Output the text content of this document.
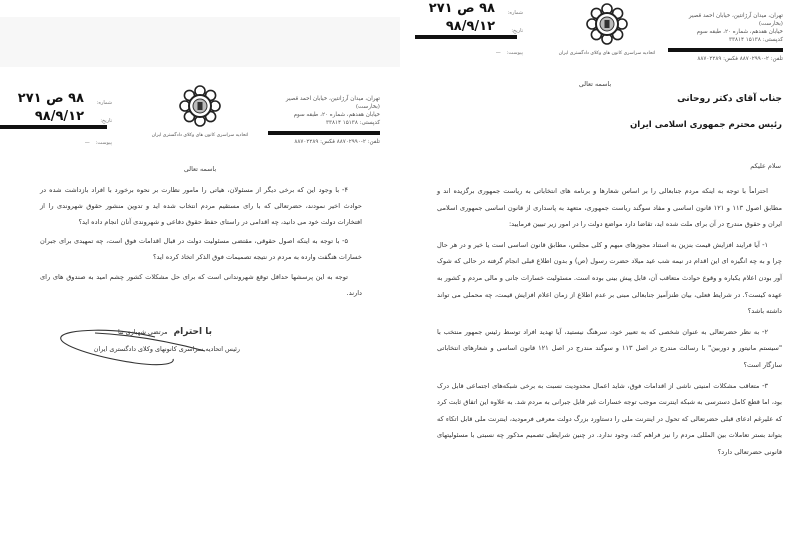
تهران، میدان آرژانتین، خیابان احمد قصیر (بخارست)
خیابان هفدهم، شماره ۲۰، طبقه سوم
کدپستی: ۱۵۱۳۸ ۳۳۸۱۴
تلفن: ۲-۸۸۷۰۲۹۹۰ فکس: ۸۸۷۰۲۲۸۹
اتحادیه سراسری کانون های وکلای دادگستری ایران
شماره:
۹۸ ص ۲۷۱
تاریخ:
۹۸/۹/۱۲
پیوست:
—
باسمه تعالی

۴- با وجود این که برخی دیگر از مسئولان، هیاتی را مامور نظارت بر نحوه برخورد با افراد بازداشت شده در حوادث اخیر نمودند، حضرتعالی که با رای مستقیم مردم انتخاب شده اید و تدوین منشور حقوق شهروندی را از افتخارات دولت خود می دانید، چه اقدامی در راستای حفظ حقوق دفاعی و شهروندی آنان انجام داده اید؟

۵- با توجه به اینکه اصول حقوقی، مقتضی مسئولیت دولت در قبال اقدامات فوق است، چه تمهیدی برای جبران خسارات هنگفت وارده به مردم در نتیجه تصمیمات فوق الذکر اتخاذ کرده اید؟

توجه به این پرسشها حداقل توقع شهروندانی است که برای حل مشکلات کشور چشم امید به صندوق های رای دارند.

با احترام
مرتضی شهبازی نیا
رئیس اتحادیه سراسری کانونهای وکلای دادگستری ایران
تهران، میدان آرژانتین، خیابان احمد قصیر (بخارست)
خیابان هفدهم، شماره ۲۰، طبقه سوم
کدپستی: ۱۵۱۳۸ ۳۳۸۱۴
تلفن: ۲-۸۸۷۰۲۹۹۰ فکس: ۸۸۷۰۲۲۸۹
اتحادیه سراسری کانون های وکلای دادگستری ایران
شماره:
۹۸ ص ۲۷۱
تاریخ:
۹۸/۹/۱۲
پیوست:
—
باسمه تعالی
جناب آقای دکتر روحانی
رئیس محترم جمهوری اسلامی ایران
سلام علیکم

احتراماً با توجه به اینکه مردم جنابعالی را بر اساس شعارها و برنامه های انتخاباتی به ریاست جمهوری برگزیده اند و مطابق اصول ۱۱۳ و ۱۲۱ قانون اساسی و مفاد سوگند ریاست جمهوری، متعهد به پاسداری از قانون اساسی جمهوری اسلامی ایران و حقوق مندرج در آن برای ملت شده اید، تقاضا دارد مواضع دولت را در امور زیر تبیین فرمایید:

۱- آیا فرایند افزایش قیمت بنزین به استناد مجوزهای مبهم و کلی مجلس، مطابق قانون اساسی است یا خیر و در هر حال چرا و به چه انگیزه ای این اقدام در نیمه شب عید میلاد حضرت رسول (ص) و بدون اطلاع قبلی انجام گرفته در حالی که شوک آور بودن اعلام یکباره و وقوع حوادث متعاقب آن، قابل پیش بینی بوده است. مسئولیت خسارات جانی و مالی مردم و کشور به عهده کیست؟. در شرایط فعلی، بیان طنزآمیز جنابعالی مبنی بر عدم اطلاع از زمان اعلام افزایش قیمت، چه محملی می تواند داشته باشد؟

۲- به نظر حضرتعالی به عنوان شخصی که به تعبیر خود، سرهنگ نیستید، آیا تهدید افراد توسط رئیس جمهور منتخب با "سیستم مانیتور و دوربین" با رسالت مندرج در اصل ۱۱۳ و سوگند مندرج در اصل ۱۲۱ قانون اساسی و شعارهای انتخاباتی سازگار است؟

۳- متعاقب مشکلات امنیتی ناشی از اقدامات فوق، شاید اعمال محدودیت نسبت به برخی شبکه‌های اجتماعی قابل درک بود، اما قطع کامل دسترسی به شبکه اینترنت موجب توجه خسارات غیر قابل جبرانی به مردم شد. به علاوه این اتفاق ثابت کرد که علیرغم ادعای قبلی حضرتعالی که تحول در اینترنت ملی را دستاورد بزرگ دولت معرفی فرمودید، اینترنت ملی قابل اتکاء که بتواند بستر تعاملات بین المللی مردم را نیز فراهم کند، وجود ندارد. در چنین شرایطی تصمیم مذکور چه نسبتی با مسئولیتهای قانونی حضرتعالی دارد؟
